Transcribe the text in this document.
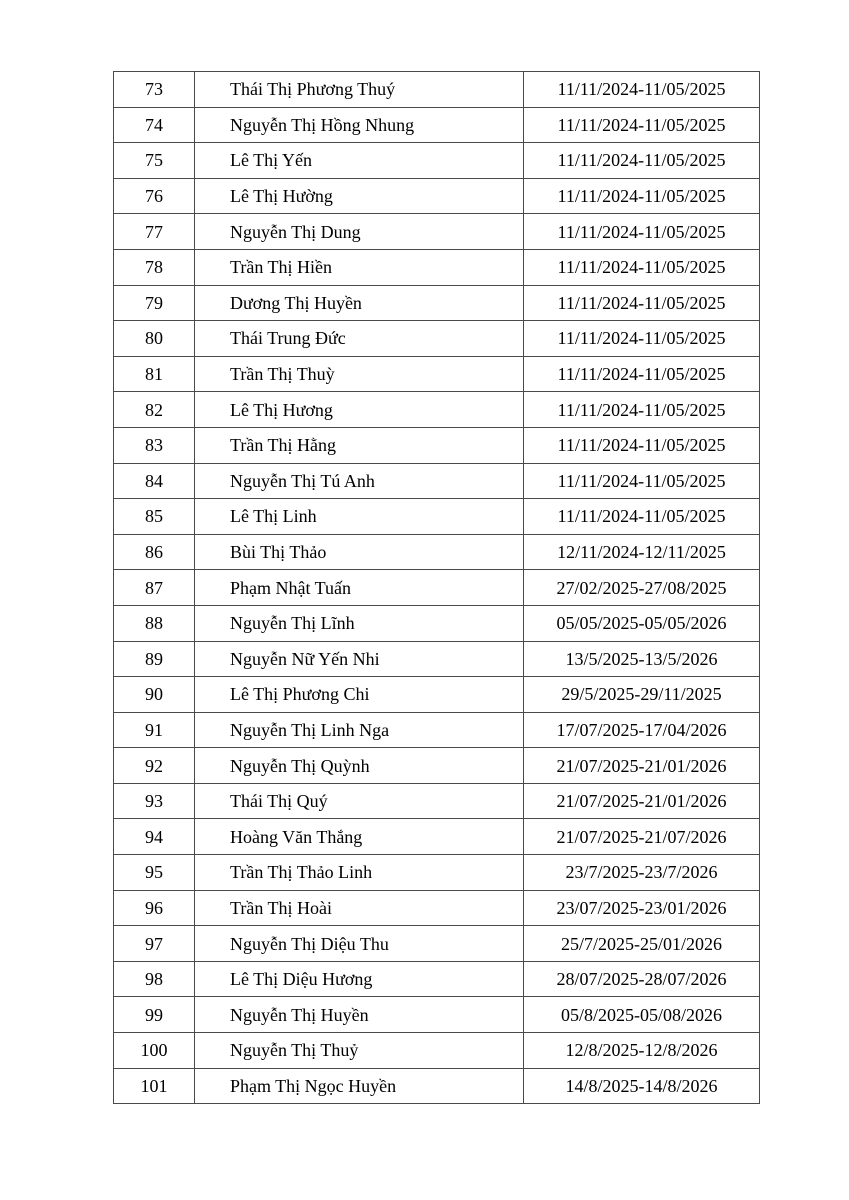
73	Thái Thị Phương Thuý	11/11/2024-11/05/2025
74	Nguyễn Thị Hồng Nhung	11/11/2024-11/05/2025
75	Lê Thị Yến	11/11/2024-11/05/2025
76	Lê Thị Hường	11/11/2024-11/05/2025
77	Nguyễn Thị Dung	11/11/2024-11/05/2025
78	Trần Thị Hiền	11/11/2024-11/05/2025
79	Dương Thị Huyền	11/11/2024-11/05/2025
80	Thái Trung Đức	11/11/2024-11/05/2025
81	Trần Thị Thuỳ	11/11/2024-11/05/2025
82	Lê Thị Hương	11/11/2024-11/05/2025
83	Trần Thị Hằng	11/11/2024-11/05/2025
84	Nguyễn Thị Tú Anh	11/11/2024-11/05/2025
85	Lê Thị Linh	11/11/2024-11/05/2025
86	Bùi Thị Thảo	12/11/2024-12/11/2025
87	Phạm Nhật Tuấn	27/02/2025-27/08/2025
88	Nguyễn Thị Lĩnh	05/05/2025-05/05/2026
89	Nguyễn Nữ Yến Nhi	13/5/2025-13/5/2026
90	Lê Thị Phương Chi	29/5/2025-29/11/2025
91	Nguyễn Thị Linh Nga	17/07/2025-17/04/2026
92	Nguyễn Thị Quỳnh	21/07/2025-21/01/2026
93	Thái Thị Quý	21/07/2025-21/01/2026
94	Hoàng Văn Thắng	21/07/2025-21/07/2026
95	Trần Thị Thảo Linh	23/7/2025-23/7/2026
96	Trần Thị Hoài	23/07/2025-23/01/2026
97	Nguyễn Thị Diệu Thu	25/7/2025-25/01/2026
98	Lê Thị Diệu Hương	28/07/2025-28/07/2026
99	Nguyễn Thị Huyền	05/8/2025-05/08/2026
100	Nguyễn Thị Thuỷ	12/8/2025-12/8/2026
101	Phạm Thị Ngọc Huyền	14/8/2025-14/8/2026
